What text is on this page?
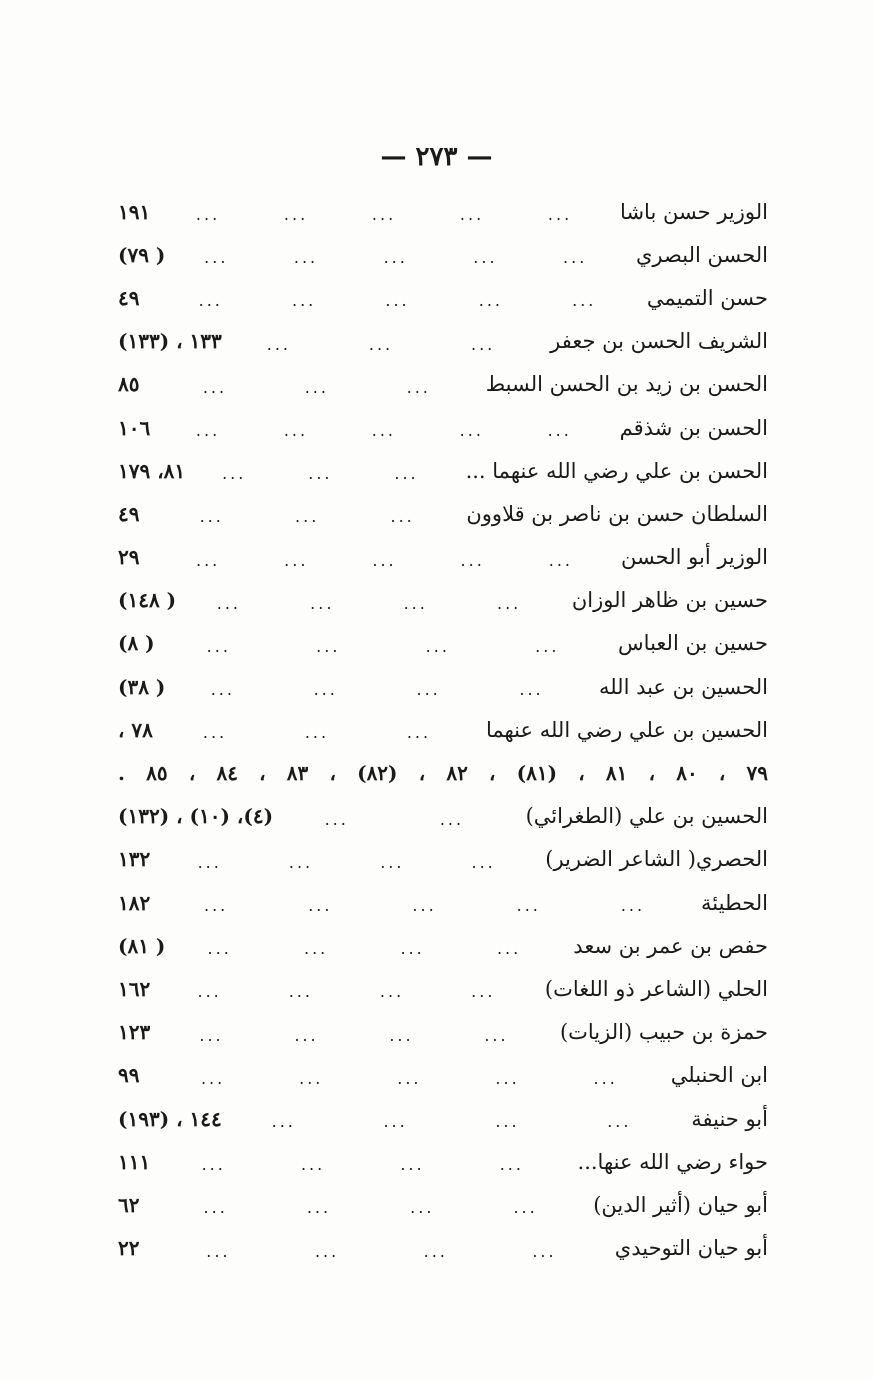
— ٢٧٣ —
الوزير حسن باشا
...
...
...
...
...
١٩١
الحسن البصري
...
...
...
...
...
( ٧٩)
حسن التميمي
...
...
...
...
...
٤٩
الشريف الحسن بن جعفر
...
...
...
١٣٣ ، (١٣٣)
الحسن بن زيد بن الحسن السبط
...
...
...
٨٥
الحسن بن شذقم
...
...
...
...
...
١٠٦
الحسن بن علي رضي الله عنهما ...
...
...
...
٨١، ١٧٩
السلطان حسن بن ناصر بن قلاوون
...
...
...
٤٩
الوزير أبو الحسن
...
...
...
...
...
٢٩
حسين بن ظاهر الوزان
...
...
...
...
( ١٤٨)
حسين بن العباس
...
...
...
...
( ٨)
الحسين بن عبد الله
...
...
...
...
( ٣٨)
الحسين بن علي رضي الله عنهما
...
...
...
٧٨ ،
٧٩ ، ٨٠ ، ٨١ ، (٨١) ، ٨٢ ، (٨٢) ، ٨٣ ، ٨٤ ، ٨٥ .
الحسين بن علي (الطغرائي)
...
...
(٤)، (١٠) ، (١٣٢)
الحصري( الشاعر الضرير)
...
...
...
...
١٣٢
الحطيئة
...
...
...
...
...
١٨٢
حفص بن عمر بن سعد
...
...
...
...
( ٨١)
الحلي (الشاعر ذو اللغات)
...
...
...
...
١٦٢
حمزة بن حبيب (الزيات)
...
...
...
...
١٢٣
ابن الحنبلي
...
...
...
...
...
٩٩
أبو حنيفة
...
...
...
...
١٤٤ ، (١٩٣)
حواء رضي الله عنها...
...
...
...
...
١١١
أبو حيان (أثير الدين)
...
...
...
...
٦٢
أبو حيان التوحيدي
...
...
...
...
٢٢
